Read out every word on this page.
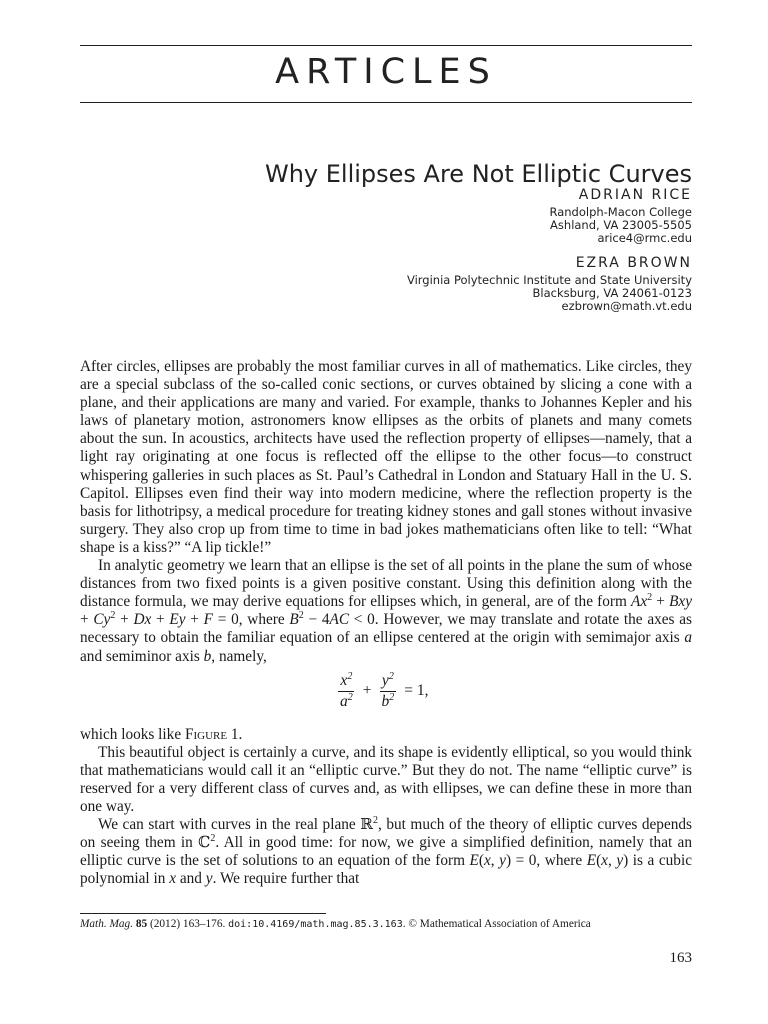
ARTICLES
Why Ellipses Are Not Elliptic Curves
ADRIAN RICE
Randolph-Macon College
Ashland, VA 23005-5505
arice4@rmc.edu
EZRA BROWN
Virginia Polytechnic Institute and State University
Blacksburg, VA 24061-0123
ezbrown@math.vt.edu

After circles, ellipses are probably the most familiar curves in all of mathematics. Like circles, they are a special subclass of the so-called conic sections, or curves obtained by slicing a cone with a plane, and their applications are many and varied. For example, thanks to Johannes Kepler and his laws of planetary motion, astronomers know ellipses as the orbits of planets and many comets about the sun. In acoustics, architects have used the reflection property of ellipses—namely, that a light ray originating at one focus is reflected off the ellipse to the other focus—to construct whispering galleries in such places as St. Paul’s Cathedral in London and Statuary Hall in the U. S. Capitol. Ellipses even find their way into modern medicine, where the reflection property is the basis for lithotripsy, a medical procedure for treating kidney stones and gall stones without invasive surgery. They also crop up from time to time in bad jokes mathematicians often like to tell: “What shape is a kiss?” “A lip tickle!”

In analytic geometry we learn that an ellipse is the set of all points in the plane the sum of whose distances from two fixed points is a given positive constant. Using this definition along with the distance formula, we may derive equations for ellipses which, in general, are of the form $Ax^2$ + Bxy + $Cy^2 + Dx + Ey + F = 0$, where $B^2 - 4AC < 0$. However, we may translate and rotate the axes as necessary to obtain the familiar equation of an ellipse centered at the origin with semimajor axis a and semiminor axis b, namely,

$\frac{x^2}{a^2} + \frac{y^2}{b^2} = 1$,

which looks like Figure 1.

This beautiful object is certainly a curve, and its shape is evidently elliptical, so you would think that mathematicians would call it an “elliptic curve.” But they do not. The name “elliptic curve” is reserved for a very different class of curves and, as with ellipses, we can define these in more than one way.

We can start with curves in the real plane ℝ$^2$, but much of the theory of elliptic curves depends on seeing them in ℂ$^2$. All in good time: for now, we give a simplified definition, namely that an elliptic curve is the set of solutions to an equation of the form E(x, y) = 0, where E(x, y) is a cubic polynomial in x and y. We require further that

Math. Mag. 85 (2012) 163–176. doi:10.4169/math.mag.85.3.163. © Mathematical Association of America
163
